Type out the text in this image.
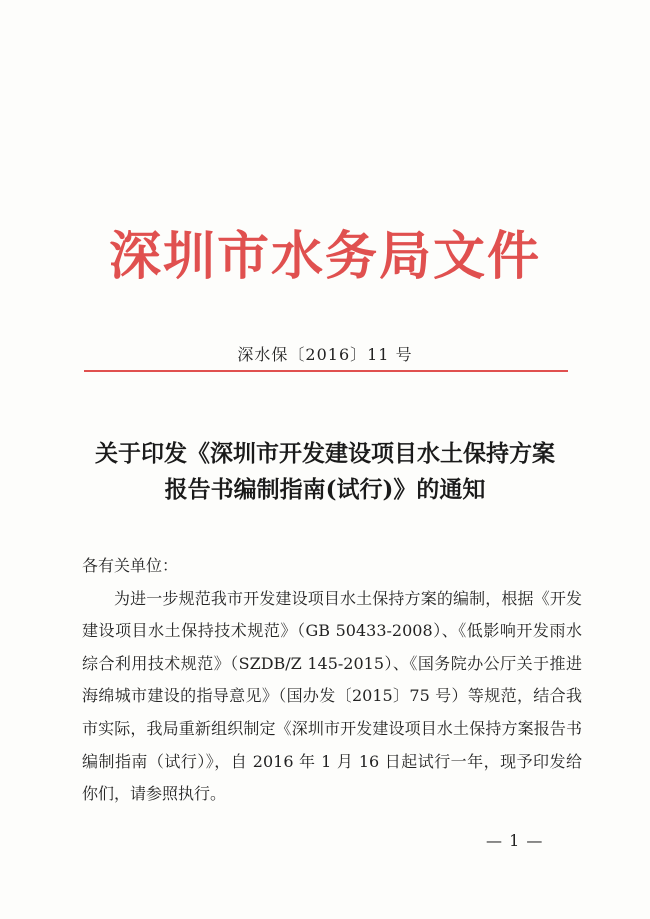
深圳市水务局文件
深水保〔2016〕11 号
关于印发《深圳市开发建设项目水土保持方案
报告书编制指南(试行)》的通知
各有关单位：
为进一步规范我市开发建设项目水土保持方案的编制，根据《开发建设项目水土保持技术规范》（GB 50433-2008）、《低影响开发雨水综合利用技术规范》（SZDB/Z 145-2015）、《国务院办公厅关于推进海绵城市建设的指导意见》（国办发〔2015〕75 号）等规范，结合我市实际，我局重新组织制定《深圳市开发建设项目水土保持方案报告书编制指南（试行）》，自 2016 年 1 月 16 日起试行一年，现予印发给你们，请参照执行。
— 1 —
